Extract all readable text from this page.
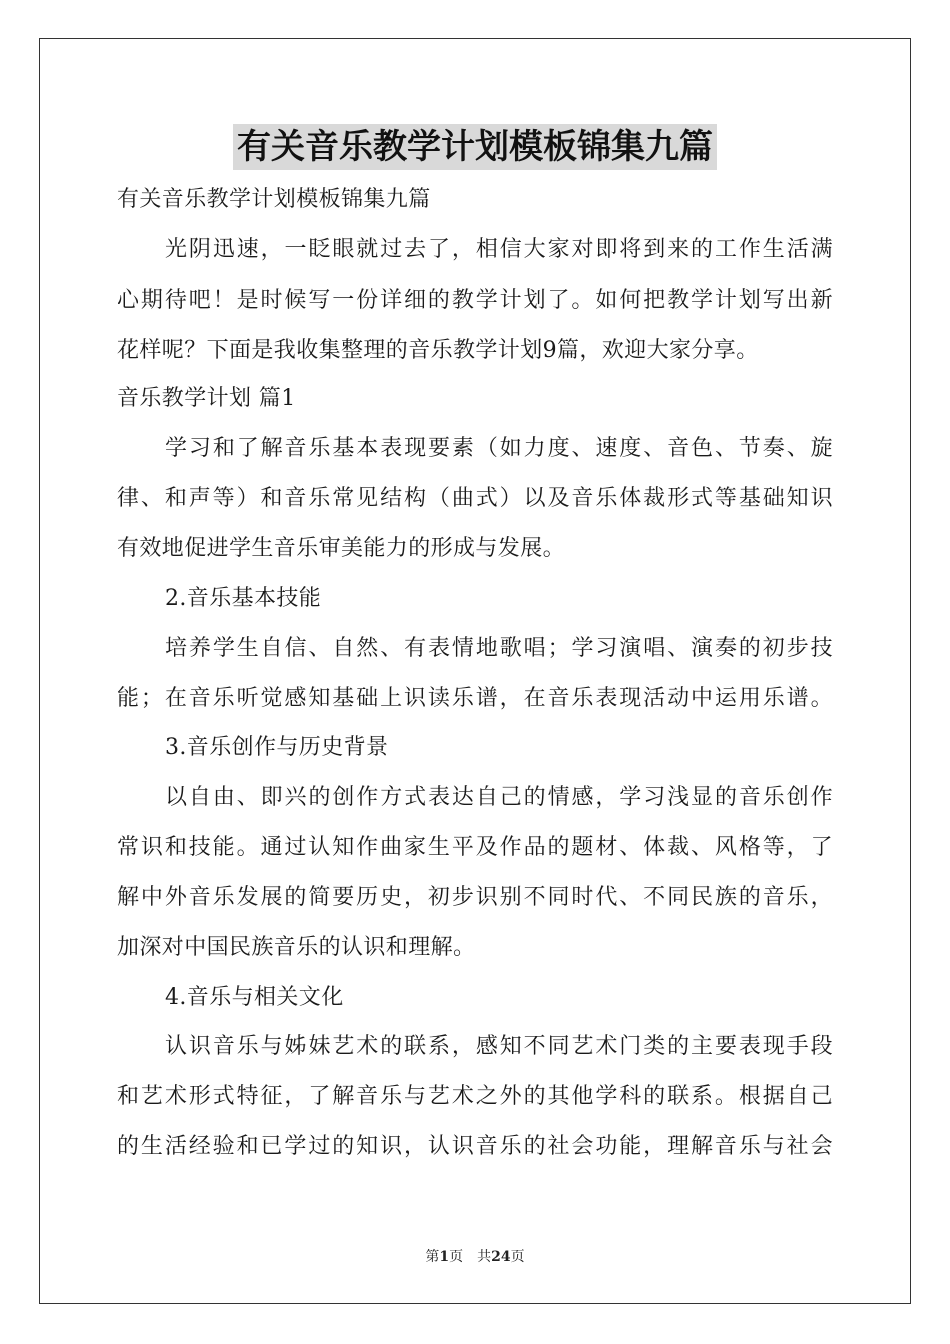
有关音乐教学计划模板锦集九篇
有关音乐教学计划模板锦集九篇
光阴迅速，一眨眼就过去了，相信大家对即将到来的工作生活满
心期待吧！是时候写一份详细的教学计划了。如何把教学计划写出新
花样呢？下面是我收集整理的音乐教学计划9篇，欢迎大家分享。
音乐教学计划 篇1
学习和了解音乐基本表现要素（如力度、速度、音色、节奏、旋
律、和声等）和音乐常见结构（曲式）以及音乐体裁形式等基础知识
有效地促进学生音乐审美能力的形成与发展。
2.音乐基本技能
培养学生自信、自然、有表情地歌唱；学习演唱、演奏的初步技
能；在音乐听觉感知基础上识读乐谱，在音乐表现活动中运用乐谱。
3.音乐创作与历史背景
以自由、即兴的创作方式表达自己的情感，学习浅显的音乐创作
常识和技能。通过认知作曲家生平及作品的题材、体裁、风格等，了
解中外音乐发展的简要历史，初步识别不同时代、不同民族的音乐，
加深对中国民族音乐的认识和理解。
4.音乐与相关文化
认识音乐与姊妹艺术的联系，感知不同艺术门类的主要表现手段
和艺术形式特征，了解音乐与艺术之外的其他学科的联系。根据自己
的生活经验和已学过的知识，认识音乐的社会功能，理解音乐与社会
第1页　共24页
